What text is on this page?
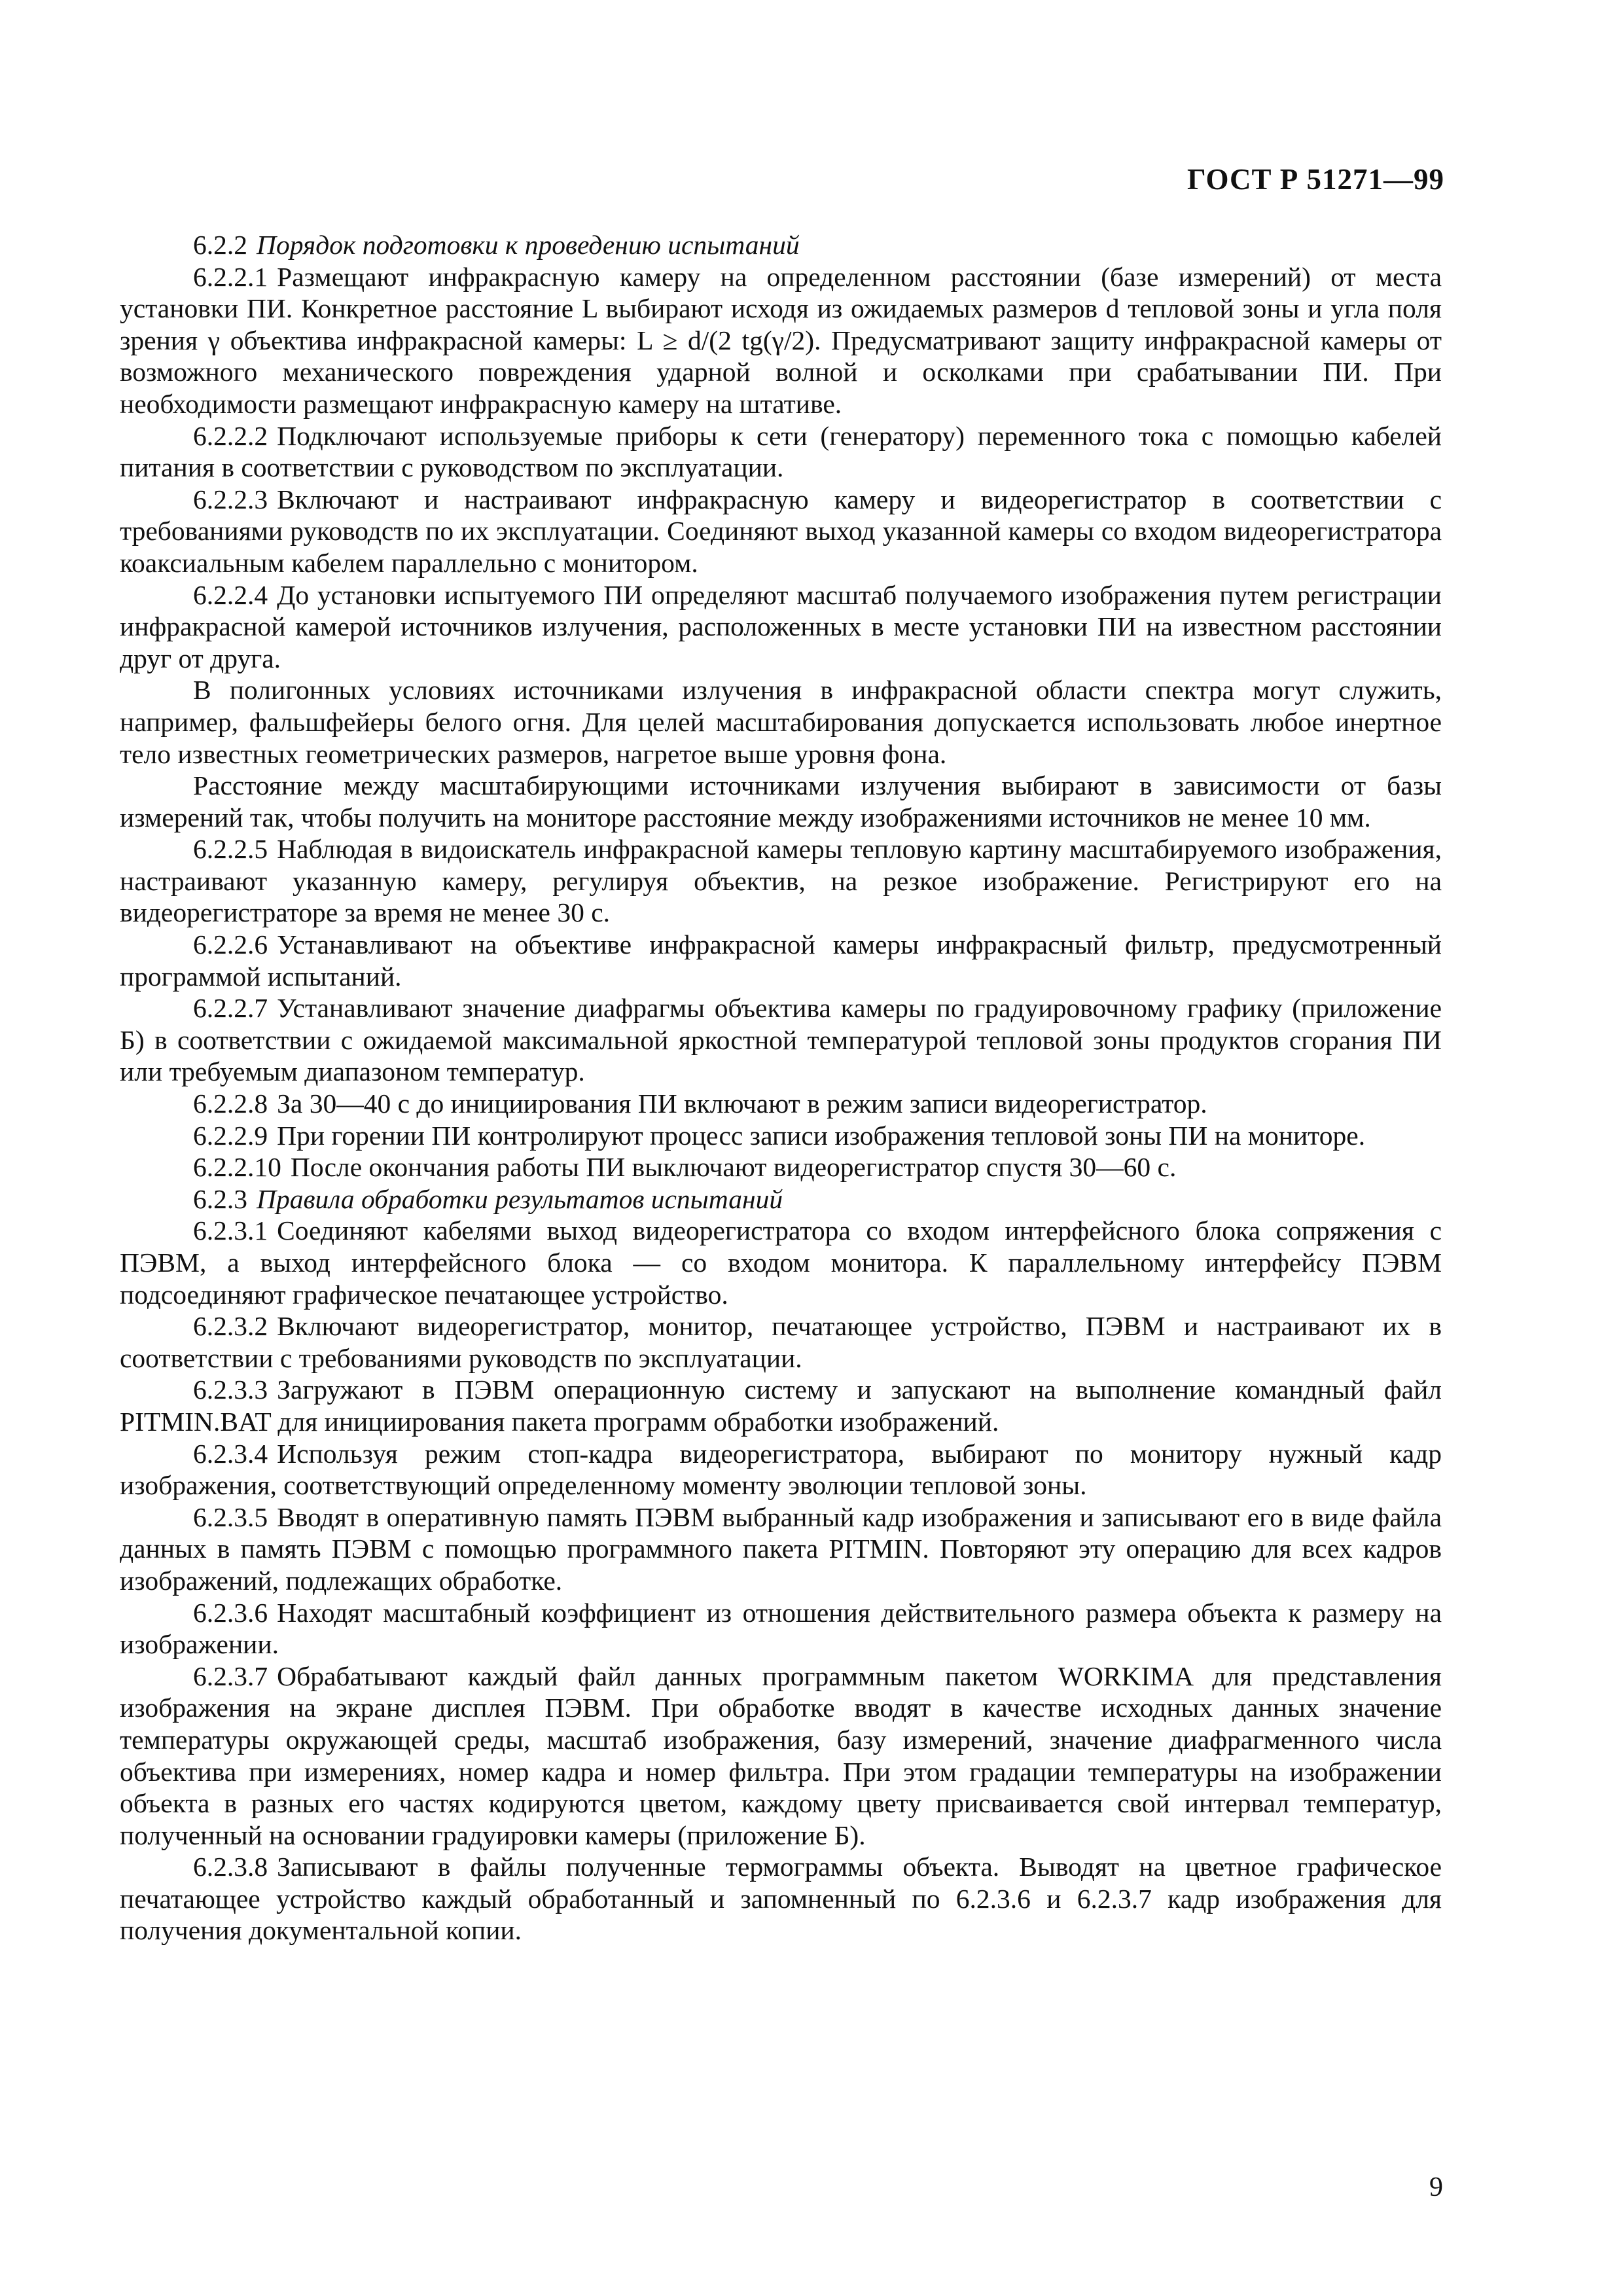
ГОСТ Р 51271—99

6.2.2 Порядок подготовки к проведению испытаний

6.2.2.1 Размещают инфракрасную камеру на определенном расстоянии (базе измерений) от места установки ПИ. Конкретное расстояние L выбирают исходя из ожидаемых размеров d тепловой зоны и угла поля зрения γ объектива инфракрасной камеры: L ≥ d/(2 tg(γ/2). Предусматривают защиту инфракрасной камеры от возможного механического повреждения ударной волной и осколками при срабатывании ПИ. При необходимости размещают инфракрасную камеру на штативе.

6.2.2.2 Подключают используемые приборы к сети (генератору) переменного тока с помощью кабелей питания в соответствии с руководством по эксплуатации.

6.2.2.3 Включают и настраивают инфракрасную камеру и видеорегистратор в соответствии с требованиями руководств по их эксплуатации. Соединяют выход указанной камеры со входом видеорегистратора коаксиальным кабелем параллельно с монитором.

6.2.2.4 До установки испытуемого ПИ определяют масштаб получаемого изображения путем регистрации инфракрасной камерой источников излучения, расположенных в месте установки ПИ на известном расстоянии друг от друга.

В полигонных условиях источниками излучения в инфракрасной области спектра могут служить, например, фальшфейеры белого огня. Для целей масштабирования допускается использовать любое инертное тело известных геометрических размеров, нагретое выше уровня фона.

Расстояние между масштабирующими источниками излучения выбирают в зависимости от базы измерений так, чтобы получить на мониторе расстояние между изображениями источников не менее 10 мм.

6.2.2.5 Наблюдая в видоискатель инфракрасной камеры тепловую картину масштабируемого изображения, настраивают указанную камеру, регулируя объектив, на резкое изображение. Регистрируют его на видеорегистраторе за время не менее 30 с.

6.2.2.6 Устанавливают на объективе инфракрасной камеры инфракрасный фильтр, предусмотренный программой испытаний.

6.2.2.7 Устанавливают значение диафрагмы объектива камеры по градуировочному графику (приложение Б) в соответствии с ожидаемой максимальной яркостной температурой тепловой зоны продуктов сгорания ПИ или требуемым диапазоном температур.

6.2.2.8 За 30—40 с до инициирования ПИ включают в режим записи видеорегистратор.

6.2.2.9 При горении ПИ контролируют процесс записи изображения тепловой зоны ПИ на мониторе.

6.2.2.10 После окончания работы ПИ выключают видеорегистратор спустя 30—60 с.

6.2.3 Правила обработки результатов испытаний

6.2.3.1 Соединяют кабелями выход видеорегистратора со входом интерфейсного блока сопряжения с ПЭВМ, а выход интерфейсного блока — со входом монитора. К параллельному интерфейсу ПЭВМ подсоединяют графическое печатающее устройство.

6.2.3.2 Включают видеорегистратор, монитор, печатающее устройство, ПЭВМ и настраивают их в соответствии с требованиями руководств по эксплуатации.

6.2.3.3 Загружают в ПЭВМ операционную систему и запускают на выполнение командный файл PITMIN.BAT для инициирования пакета программ обработки изображений.

6.2.3.4 Используя режим стоп-кадра видеорегистратора, выбирают по монитору нужный кадр изображения, соответствующий определенному моменту эволюции тепловой зоны.

6.2.3.5 Вводят в оперативную память ПЭВМ выбранный кадр изображения и записывают его в виде файла данных в память ПЭВМ с помощью программного пакета PITMIN. Повторяют эту операцию для всех кадров изображений, подлежащих обработке.

6.2.3.6 Находят масштабный коэффициент из отношения действительного размера объекта к размеру на изображении.

6.2.3.7 Обрабатывают каждый файл данных программным пакетом WORKIMA для представления изображения на экране дисплея ПЭВМ. При обработке вводят в качестве исходных данных значение температуры окружающей среды, масштаб изображения, базу измерений, значение диафрагменного числа объектива при измерениях, номер кадра и номер фильтра. При этом градации температуры на изображении объекта в разных его частях кодируются цветом, каждому цвету присваивается свой интервал температур, полученный на основании градуировки камеры (приложение Б).

6.2.3.8 Записывают в файлы полученные термограммы объекта. Выводят на цветное графическое печатающее устройство каждый обработанный и запомненный по 6.2.3.6 и 6.2.3.7 кадр изображения для получения документальной копии.

9
